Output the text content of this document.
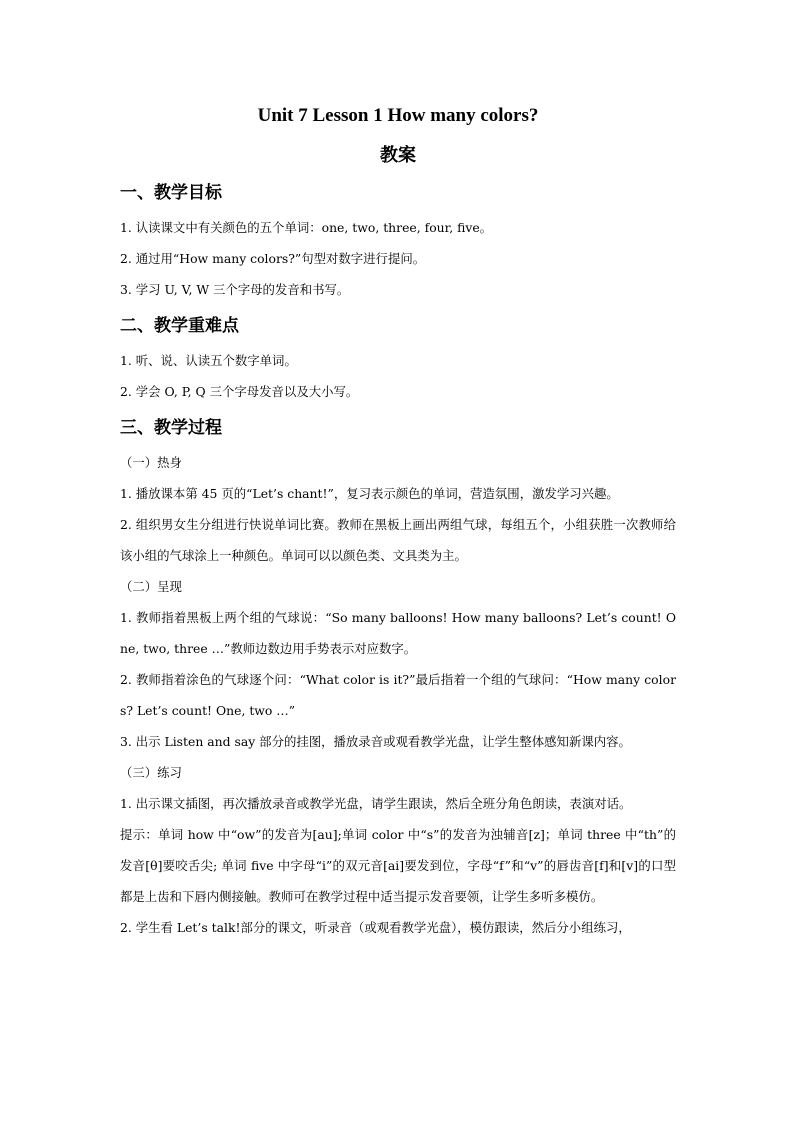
Unit 7 Lesson 1 How many colors?
教案
一、教学目标

1. 认读课文中有关颜色的五个单词：one, two, three, four, five。

2. 通过用“How many colors?”句型对数字进行提问。

3. 学习 U, V, W 三个字母的发音和书写。

二、教学重难点

1. 听、说、认读五个数字单词。

2. 学会 O, P, Q 三个字母发音以及大小写。

三、教学过程

（一）热身

1. 播放课本第 45 页的“Let’s chant!”，复习表示颜色的单词，营造氛围，激发学习兴趣。

2. 组织男女生分组进行快说单词比赛。教师在黑板上画出两组气球，每组五个，小组获胜一次教师给该小组的气球涂上一种颜色。单词可以以颜色类、文具类为主。

（二）呈现

1. 教师指着黑板上两个组的气球说：“So many balloons! How many balloons? Let’s count! One, two, three …”教师边数边用手势表示对应数字。

2. 教师指着涂色的气球逐个问：“What color is it?”最后指着一个组的气球问：“How many colors? Let’s count! One, two …”

3. 出示 Listen and say 部分的挂图，播放录音或观看教学光盘，让学生整体感知新课内容。

（三）练习

1. 出示课文插图，再次播放录音或教学光盘，请学生跟读，然后全班分角色朗读，表演对话。

提示：单词 how 中“ow”的发音为[au];单词 color 中“s”的发音为浊辅音[z]；单词 three 中“th”的发音[θ]要咬舌尖; 单词 five 中字母“i”的双元音[ai]要发到位，字母“f”和“v”的唇齿音[f]和[v]的口型都是上齿和下唇内侧接触。教师可在教学过程中适当提示发音要领，让学生多听多模仿。

2. 学生看 Let’s talk!部分的课文，听录音（或观看教学光盘），模仿跟读，然后分小组练习，
